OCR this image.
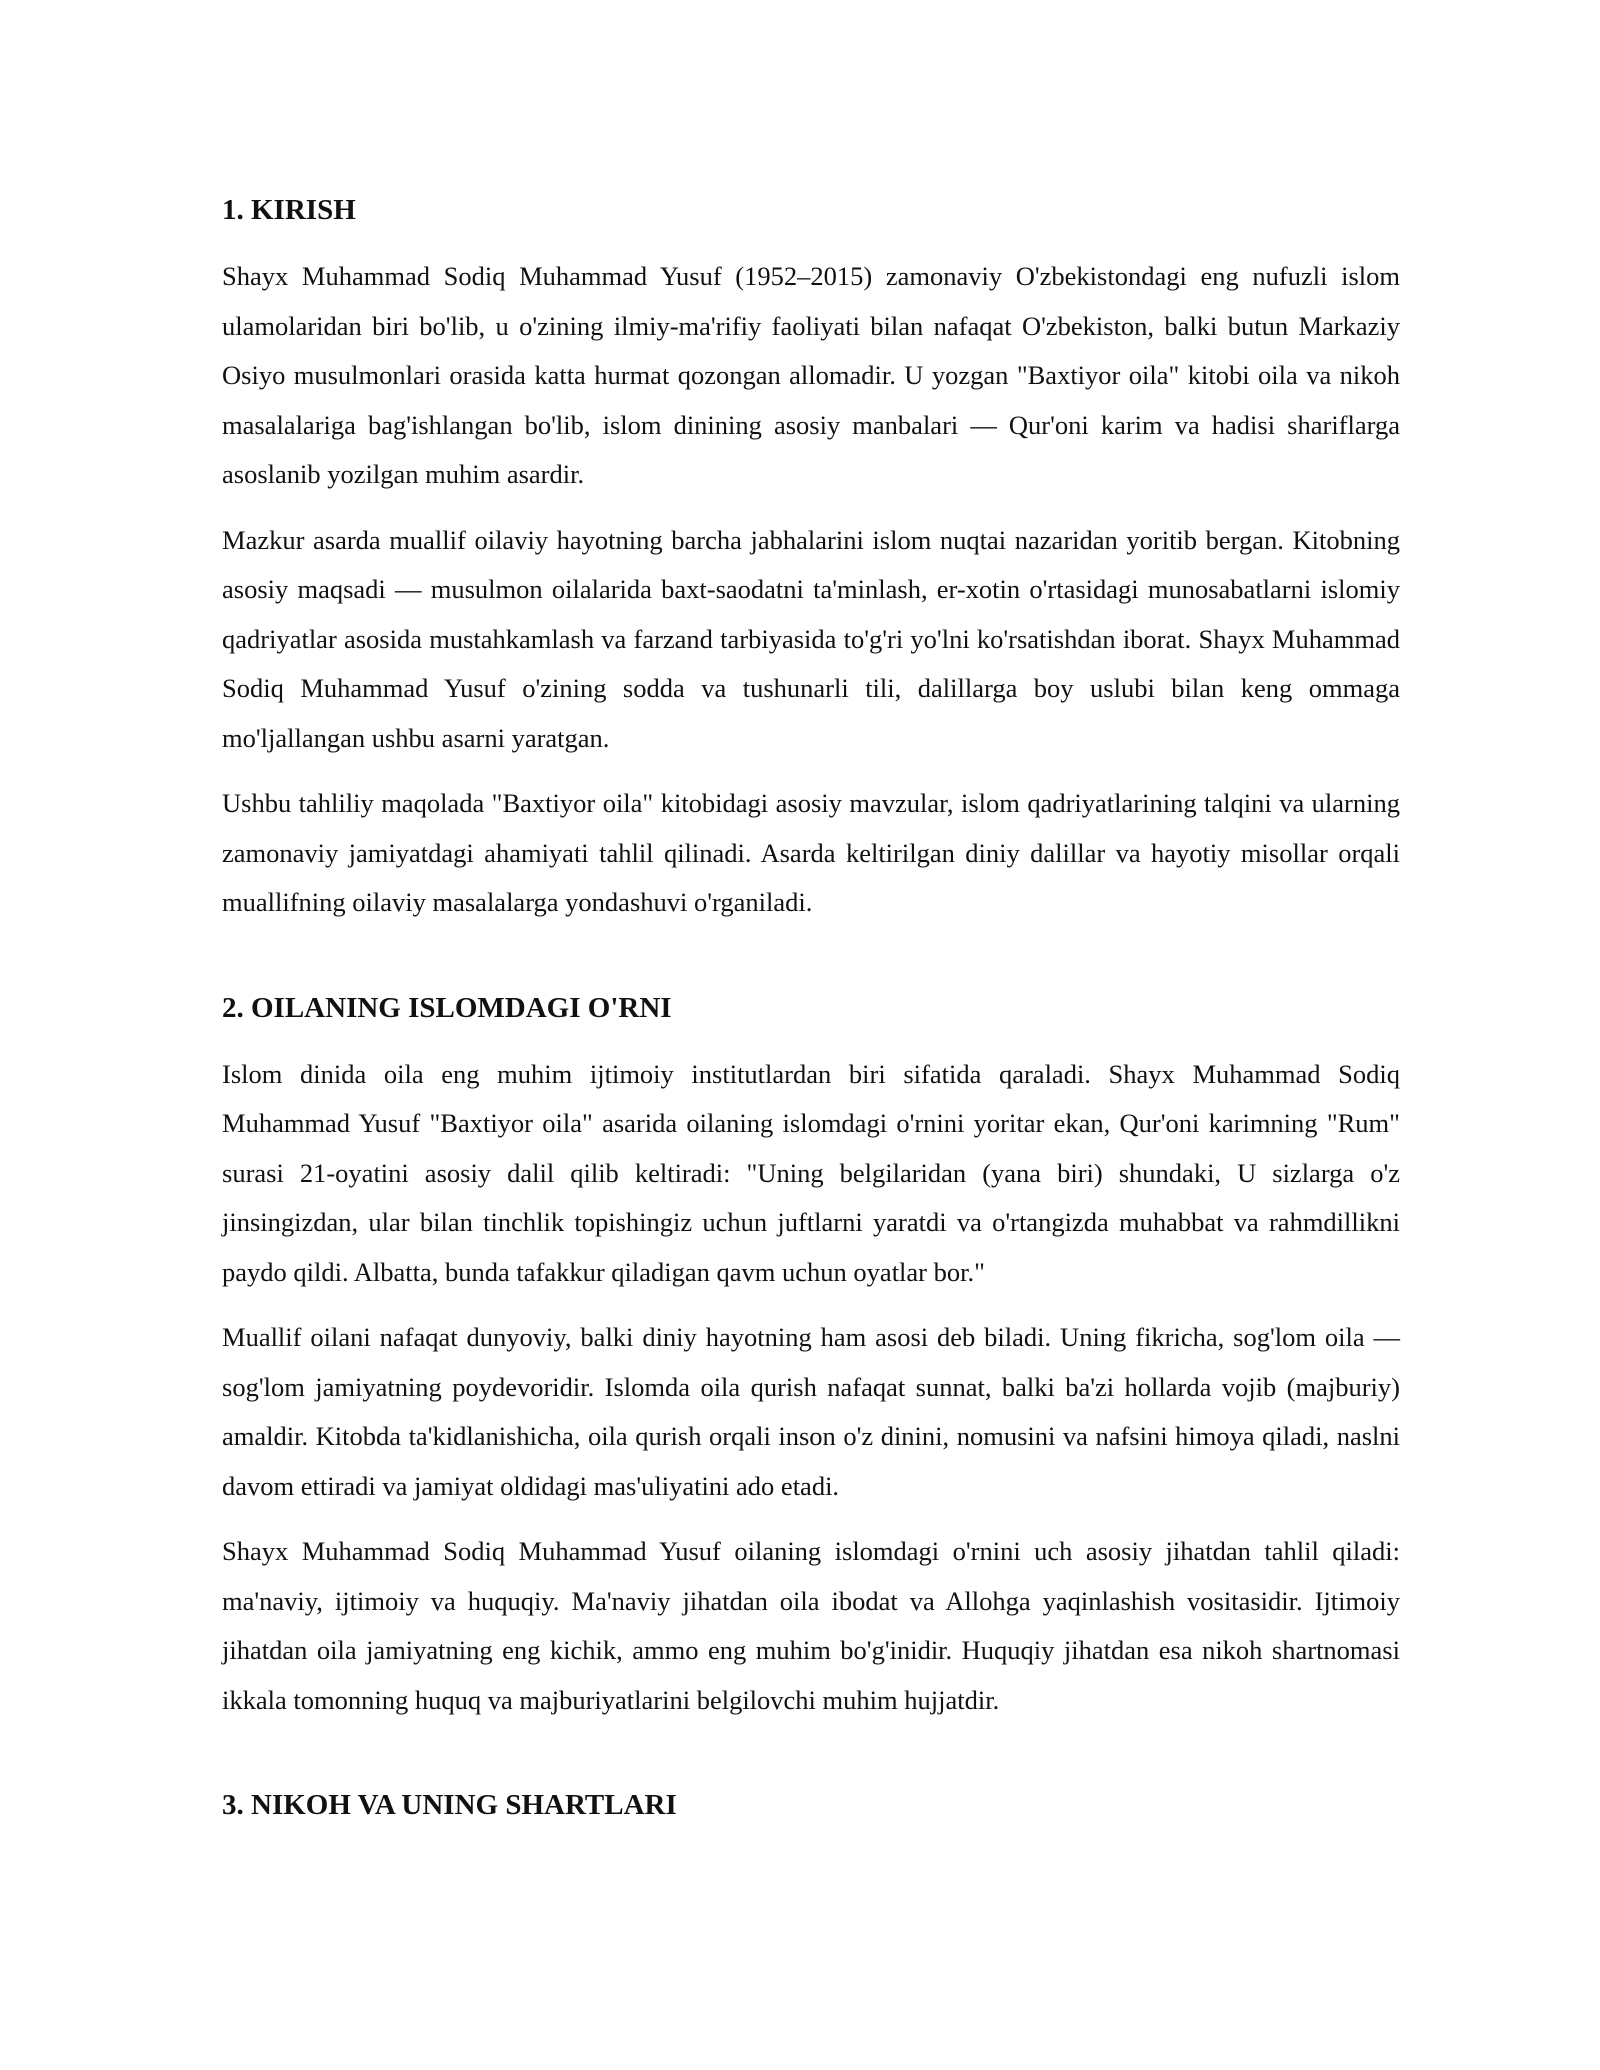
1. KIRISH

Shayx Muhammad Sodiq Muhammad Yusuf (1952–2015) zamonaviy O'zbekistondagi eng nufuzli islom ulamolaridan biri bo'lib, u o'zining ilmiy-ma'rifiy faoliyati bilan nafaqat O'zbekiston, balki butun Markaziy Osiyo musulmonlari orasida katta hurmat qozongan allomadir. U yozgan "Baxtiyor oila" kitobi oila va nikoh masalalariga bag'ishlangan bo'lib, islom dinining asosiy manbalari — Qur'oni karim va hadisi shariflarga asoslanib yozilgan muhim asardir.

Mazkur asarda muallif oilaviy hayotning barcha jabhalarini islom nuqtai nazaridan yoritib bergan. Kitobning asosiy maqsadi — musulmon oilalarida baxt-saodatni ta'minlash, er-xotin o'rtasidagi munosabatlarni islomiy qadriyatlar asosida mustahkamlash va farzand tarbiyasida to'g'ri yo'lni ko'rsatishdan iborat. Shayx Muhammad Sodiq Muhammad Yusuf o'zining sodda va tushunarli tili, dalillarga boy uslubi bilan keng ommaga mo'ljallangan ushbu asarni yaratgan.

Ushbu tahliliy maqolada "Baxtiyor oila" kitobidagi asosiy mavzular, islom qadriyatlarining talqini va ularning zamonaviy jamiyatdagi ahamiyati tahlil qilinadi. Asarda keltirilgan diniy dalillar va hayotiy misollar orqali muallifning oilaviy masalalarga yondashuvi o'rganiladi.

2. OILANING ISLOMDAGI O'RNI

Islom dinida oila eng muhim ijtimoiy institutlardan biri sifatida qaraladi. Shayx Muhammad Sodiq Muhammad Yusuf "Baxtiyor oila" asarida oilaning islomdagi o'rnini yoritar ekan, Qur'oni karimning "Rum" surasi 21-oyatini asosiy dalil qilib keltiradi: "Uning belgilaridan (yana biri) shundaki, U sizlarga o'z jinsingizdan, ular bilan tinchlik topishingiz uchun juftlarni yaratdi va o'rtangizda muhabbat va rahmdillikni paydo qildi. Albatta, bunda tafakkur qiladigan qavm uchun oyatlar bor."

Muallif oilani nafaqat dunyoviy, balki diniy hayotning ham asosi deb biladi. Uning fikricha, sog'lom oila — sog'lom jamiyatning poydevoridir. Islomda oila qurish nafaqat sunnat, balki ba'zi hollarda vojib (majburiy) amaldir. Kitobda ta'kidlanishicha, oila qurish orqali inson o'z dinini, nomusini va nafsini himoya qiladi, naslni davom ettiradi va jamiyat oldidagi mas'uliyatini ado etadi.

Shayx Muhammad Sodiq Muhammad Yusuf oilaning islomdagi o'rnini uch asosiy jihatdan tahlil qiladi: ma'naviy, ijtimoiy va huquqiy. Ma'naviy jihatdan oila ibodat va Allohga yaqinlashish vositasidir. Ijtimoiy jihatdan oila jamiyatning eng kichik, ammo eng muhim bo'g'inidir. Huquqiy jihatdan esa nikoh shartnomasi ikkala tomonning huquq va majburiyatlarini belgilovchi muhim hujjatdir.

3. NIKOH VA UNING SHARTLARI
